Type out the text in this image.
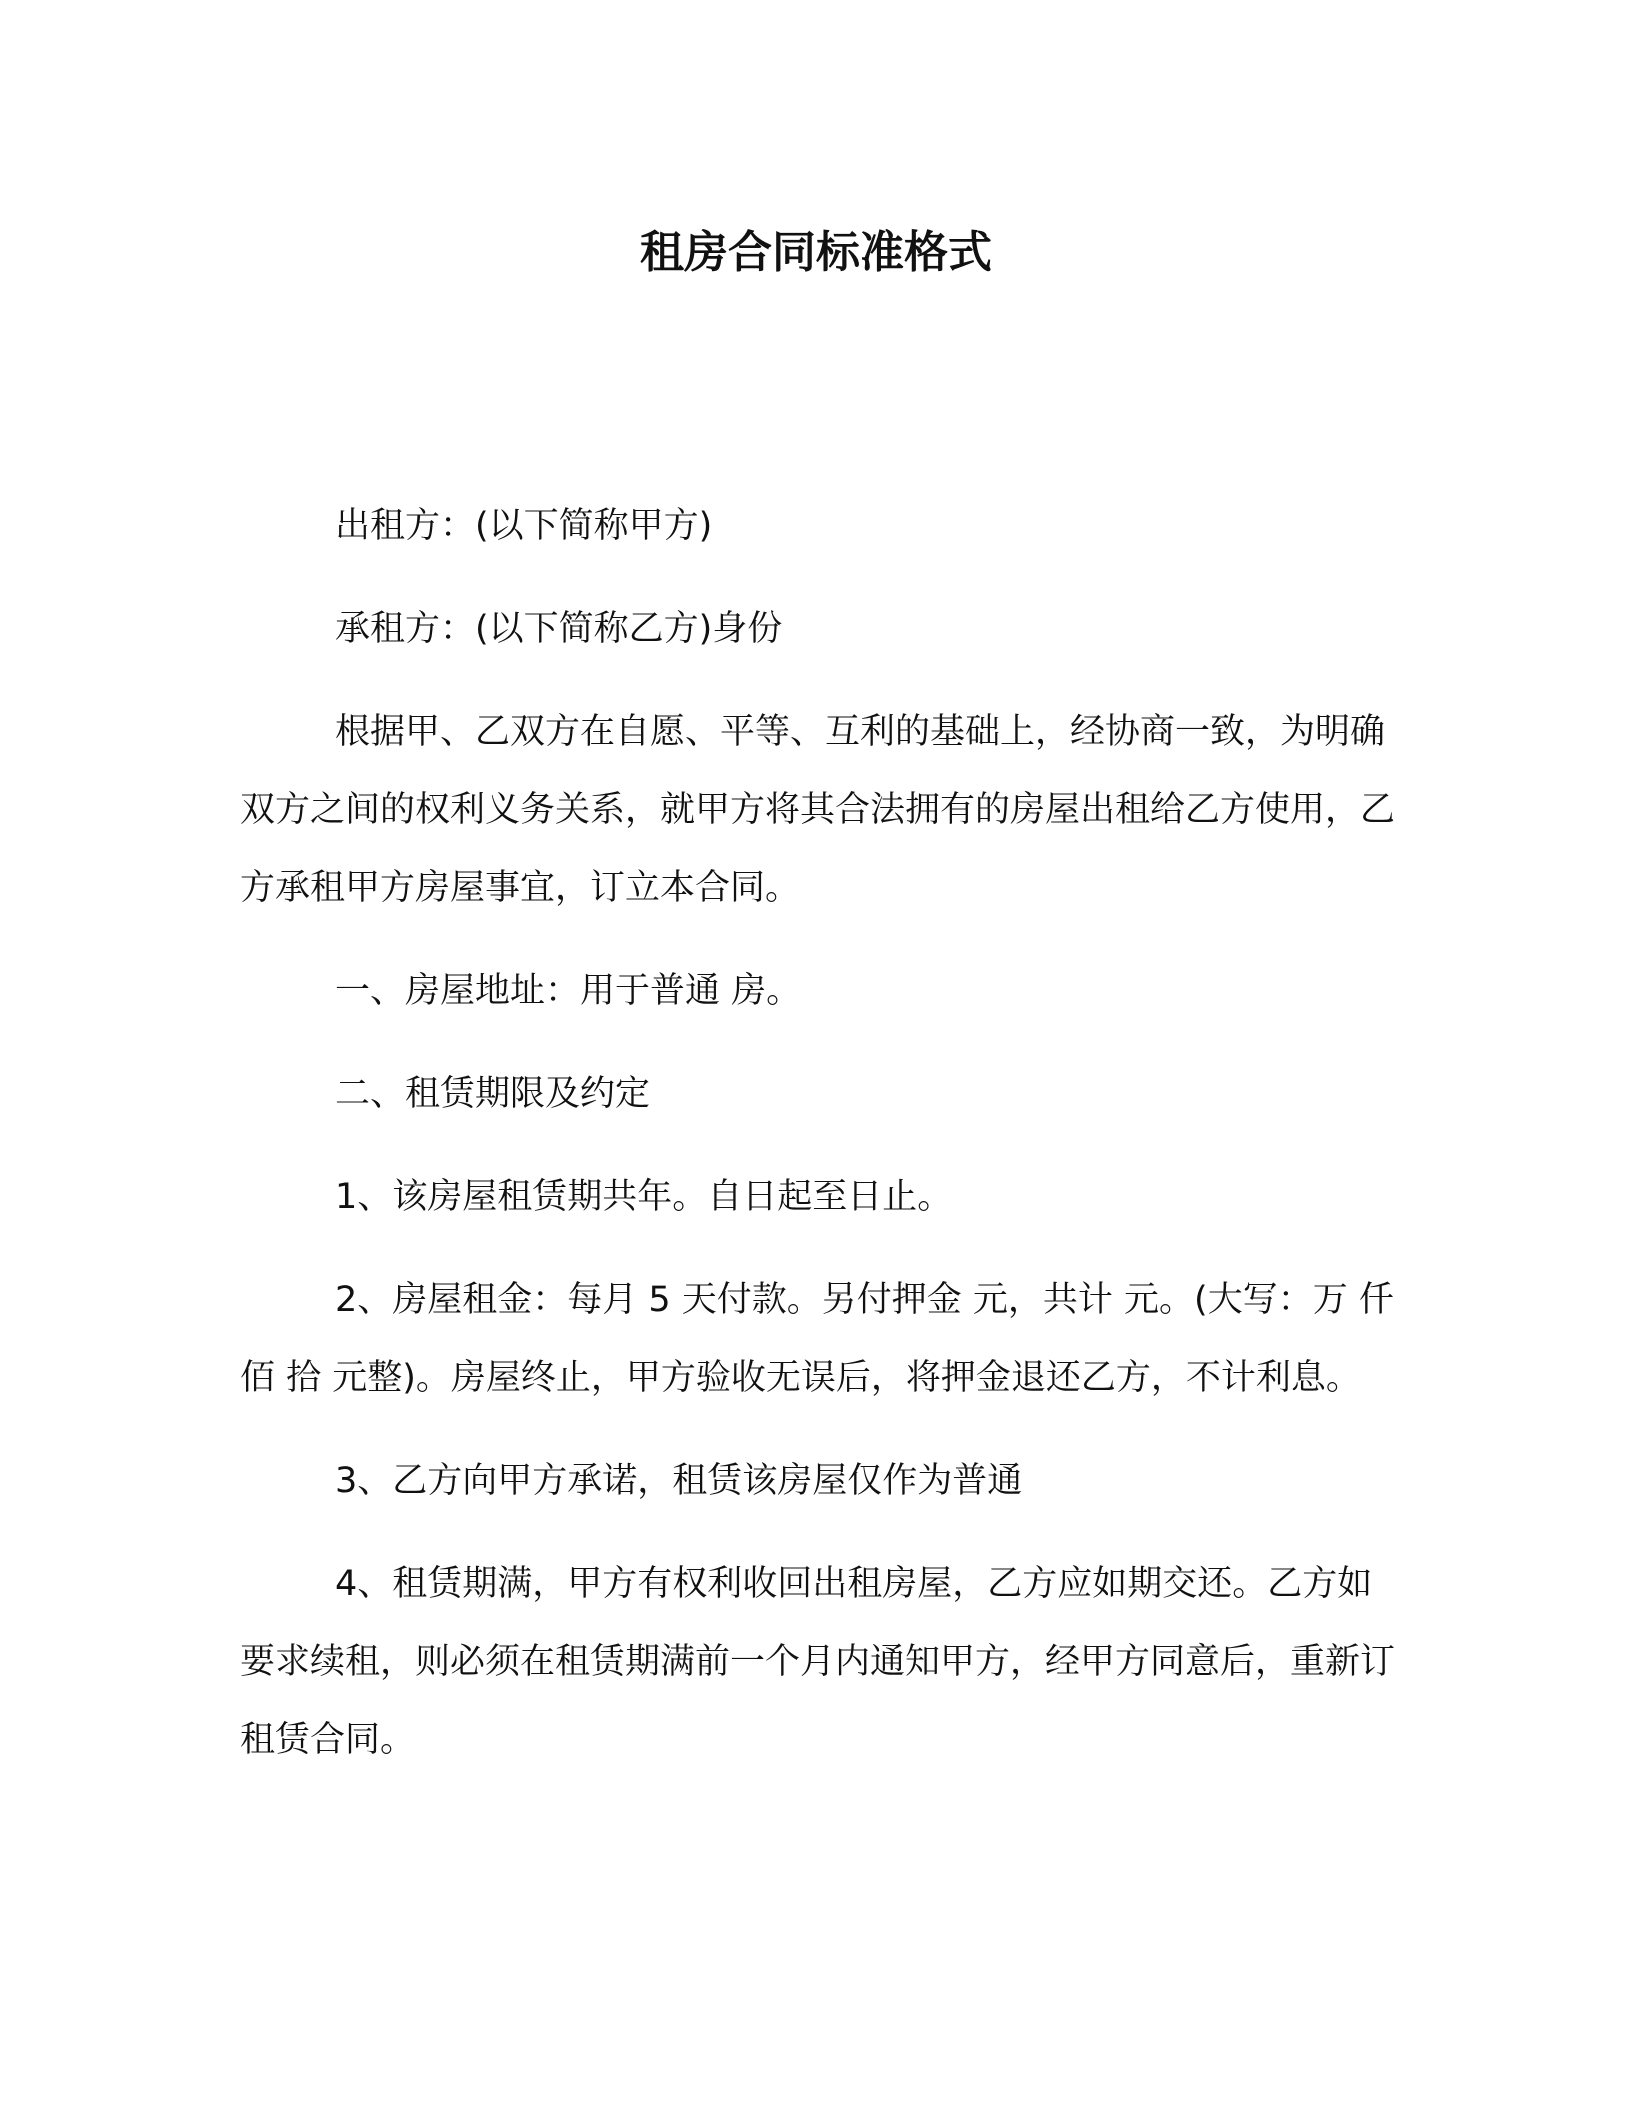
租房合同标准格式

出租方：(以下简称甲方)

承租方：(以下简称乙方)身份

根据甲、乙双方在自愿、平等、互利的基础上，经协商一致，为明确双方之间的权利义务关系，就甲方将其合法拥有的房屋出租给乙方使用，乙方承租甲方房屋事宜，订立本合同。

一、房屋地址：用于普通 房。

二、租赁期限及约定

1、该房屋租赁期共年。自日起至日止。

2、房屋租金：每月 5 天付款。另付押金 元，共计 元。(大写：万 仟 佰 拾 元整)。房屋终止，甲方验收无误后，将押金退还乙方，不计利息。

3、乙方向甲方承诺，租赁该房屋仅作为普通

4、租赁期满，甲方有权利收回出租房屋，乙方应如期交还。乙方如要求续租，则必须在租赁期满前一个月内通知甲方，经甲方同意后，重新订租赁合同。
